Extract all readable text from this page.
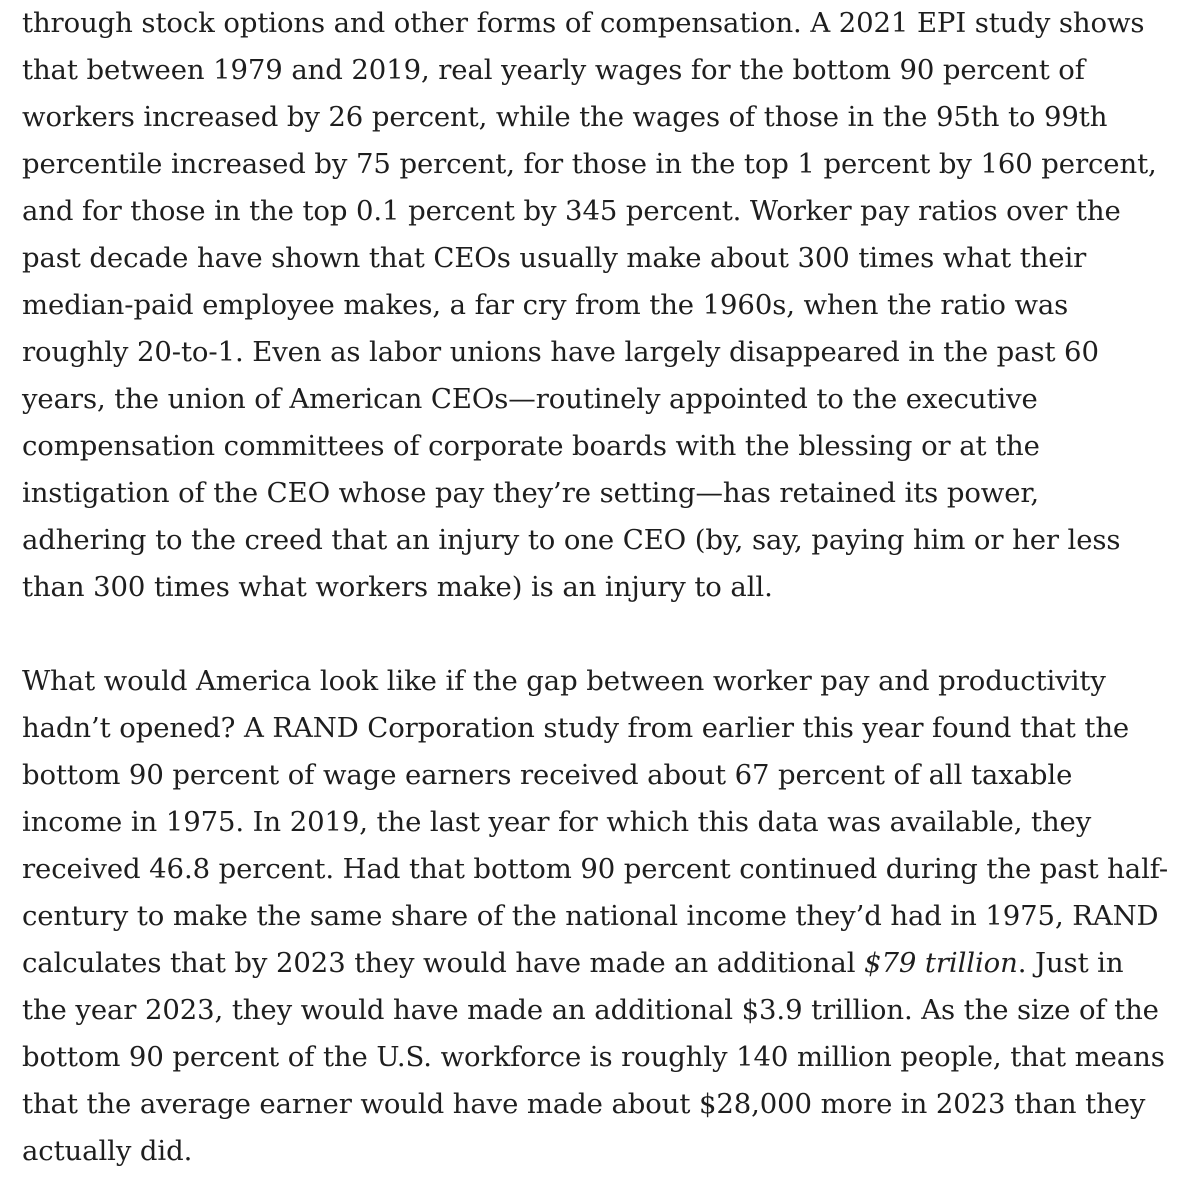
through stock options and other forms of compensation. A 2021 EPI study shows
that between 1979 and 2019, real yearly wages for the bottom 90 percent of
workers increased by 26 percent, while the wages of those in the 95th to 99th
percentile increased by 75 percent, for those in the top 1 percent by 160 percent,
and for those in the top 0.1 percent by 345 percent. Worker pay ratios over the
past decade have shown that CEOs usually make about 300 times what their
median-paid employee makes, a far cry from the 1960s, when the ratio was
roughly 20-to-1. Even as labor unions have largely disappeared in the past 60
years, the union of American CEOs—routinely appointed to the executive
compensation committees of corporate boards with the blessing or at the
instigation of the CEO whose pay they’re setting—has retained its power,
adhering to the creed that an injury to one CEO (by, say, paying him or her less
than 300 times what workers make) is an injury to all.
What would America look like if the gap between worker pay and productivity
hadn’t opened? A RAND Corporation study from earlier this year found that the
bottom 90 percent of wage earners received about 67 percent of all taxable
income in 1975. In 2019, the last year for which this data was available, they
received 46.8 percent. Had that bottom 90 percent continued during the past half-
century to make the same share of the national income they’d had in 1975, RAND
calculates that by 2023 they would have made an additional $79 trillion. Just in
the year 2023, they would have made an additional $3.9 trillion. As the size of the
bottom 90 percent of the U.S. workforce is roughly 140 million people, that means
that the average earner would have made about $28,000 more in 2023 than they
actually did.
